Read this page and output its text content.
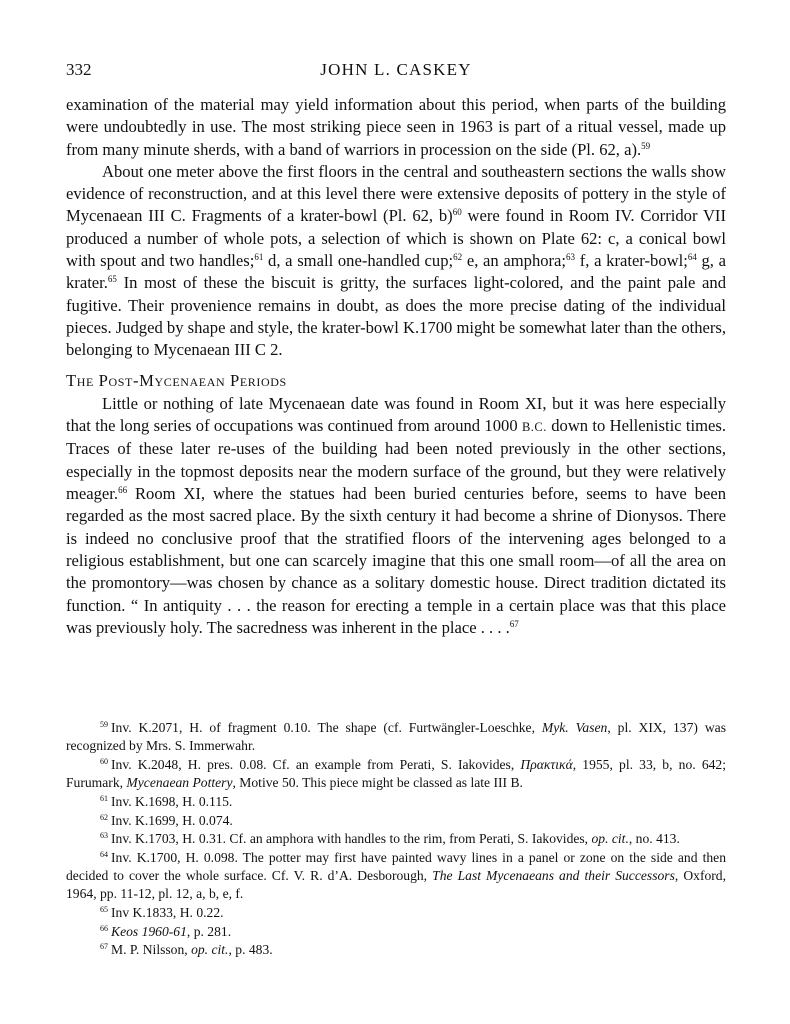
332	JOHN L. CASKEY

examination of the material may yield information about this period, when parts of the building were undoubtedly in use. The most striking piece seen in 1963 is part of a ritual vessel, made up from many minute sherds, with a band of warriors in procession on the side (Pl. 62, a).$^{59}$

About one meter above the first floors in the central and southeastern sections the walls show evidence of reconstruction, and at this level there were extensive deposits of pottery in the style of Mycenaean III C. Fragments of a krater-bowl (Pl. 62, b)$^{60}$ were found in Room IV. Corridor VII produced a number of whole pots, a selection of which is shown on Plate 62: c, a conical bowl with spout and two handles;$^{61}$ d, a small one-handled cup;$^{62}$ e, an amphora;$^{63}$ f, a krater-bowl;$^{64}$ g, a krater.$^{65}$ In most of these the biscuit is gritty, the surfaces light-colored, and the paint pale and fugitive. Their provenience remains in doubt, as does the more precise dating of the individual pieces. Judged by shape and style, the krater-bowl K.1700 might be somewhat later than the others, belonging to Mycenaean III C 2.

The Post-Mycenaean Periods

Little or nothing of late Mycenaean date was found in Room XI, but it was here especially that the long series of occupations was continued from around 1000 B.C. down to Hellenistic times. Traces of these later re-uses of the building had been noted previously in the other sections, especially in the topmost deposits near the modern surface of the ground, but they were relatively meager.$^{66}$ Room XI, where the statues had been buried centuries before, seems to have been regarded as the most sacred place. By the sixth century it had become a shrine of Dionysos. There is indeed no conclusive proof that the stratified floors of the intervening ages belonged to a religious establishment, but one can scarcely imagine that this one small room—of all the area on the promontory—was chosen by chance as a solitary domestic house. Direct tradition dictated its function. “ In antiquity . . . the reason for erecting a temple in a certain place was that this place was previously holy. The sacredness was inherent in the place . . . .$^{67}$

$^{59}$ Inv. K.2071, H. of fragment 0.10. The shape (cf. Furtwängler-Loeschke, Myk. Vasen, pl. XIX, 137) was recognized by Mrs. S. Immerwahr.

$^{60}$ Inv. K.2048, H. pres. 0.08. Cf. an example from Perati, S. Iakovides, Πρακτικά, 1955, pl. 33, b, no. 642; Furumark, Mycenaean Pottery, Motive 50. This piece might be classed as late III B.

$^{61}$ Inv. K.1698, H. 0.115.

$^{62}$ Inv. K.1699, H. 0.074.

$^{63}$ Inv. K.1703, H. 0.31. Cf. an amphora with handles to the rim, from Perati, S. Iakovides, op. cit., no. 413.

$^{64}$ Inv. K.1700, H. 0.098. The potter may first have painted wavy lines in a panel or zone on the side and then decided to cover the whole surface. Cf. V. R. d’A. Desborough, The Last Mycenaeans and their Successors, Oxford, 1964, pp. 11-12, pl. 12, a, b, e, f.

$^{65}$ Inv K.1833, H. 0.22.

$^{66}$ Keos 1960-61, p. 281.

$^{67}$ M. P. Nilsson, op. cit., p. 483.
